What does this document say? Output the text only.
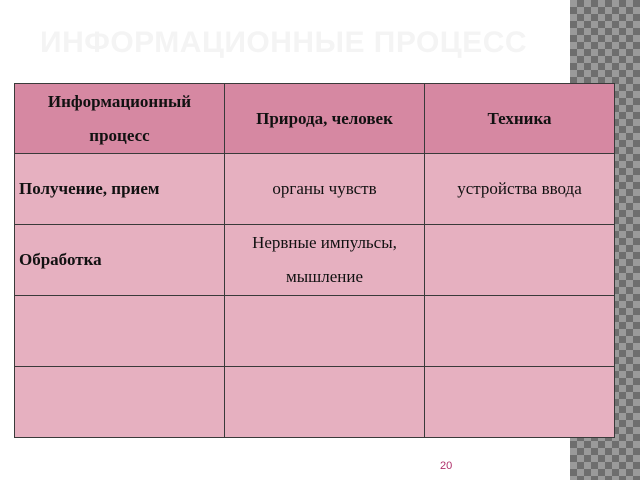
ИНФОРМАЦИОННЫЕ ПРОЦЕССЫ
Информационный процесс	Природа, человек	Техника
Получение, прием	органы чувств	устройства ввода
Обработка	Нервные импульсы, мышление	

20
